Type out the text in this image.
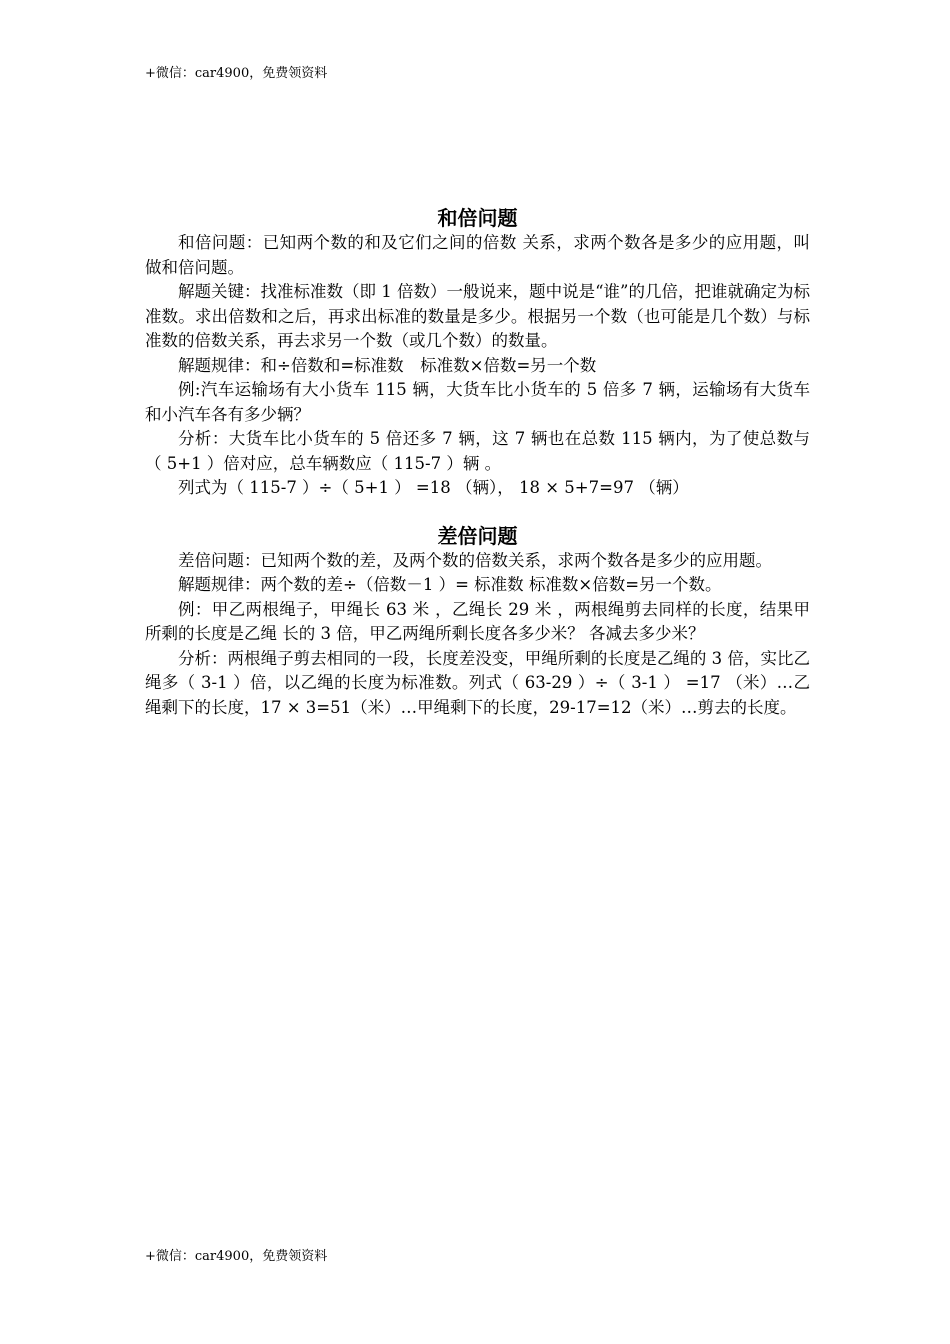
+微信：car4900，免费领资料
和倍问题

和倍问题：已知两个数的和及它们之间的倍数 关系，求两个数各是多少的应用题，叫做和倍问题。

解题关键：找准标准数（即 1 倍数）一般说来，题中说是“谁”的几倍，把谁就确定为标准数。求出倍数和之后，再求出标准的数量是多少。根据另一个数（也可能是几个数）与标准数的倍数关系，再去求另一个数（或几个数）的数量。

解题规律：和÷倍数和=标准数　标准数×倍数=另一个数

例:汽车运输场有大小货车 115 辆，大货车比小货车的 5 倍多 7 辆，运输场有大货车和小汽车各有多少辆？

分析：大货车比小货车的 5 倍还多 7 辆，这 7 辆也在总数 115 辆内，为了使总数与（ 5+1 ）倍对应，总车辆数应（ 115-7 ）辆 。

列式为（ 115-7 ）÷（ 5+1 ） =18 （辆）， 18 × 5+7=97 （辆）

差倍问题

差倍问题：已知两个数的差，及两个数的倍数关系，求两个数各是多少的应用题。

解题规律：两个数的差÷（倍数－1 ）= 标准数 标准数×倍数=另一个数。

例：甲乙两根绳子，甲绳长 63 米 ，乙绳长 29 米 ，两根绳剪去同样的长度，结果甲所剩的长度是乙绳 长的 3 倍，甲乙两绳所剩长度各多少米？ 各减去多少米？

分析：两根绳子剪去相同的一段，长度差没变，甲绳所剩的长度是乙绳的 3 倍，实比乙绳多（ 3-1 ）倍，以乙绳的长度为标准数。列式（ 63-29 ）÷（ 3-1 ） =17 （米）…乙绳剩下的长度，17 × 3=51（米）…甲绳剩下的长度，29-17=12（米）…剪去的长度。

+微信：car4900，免费领资料
